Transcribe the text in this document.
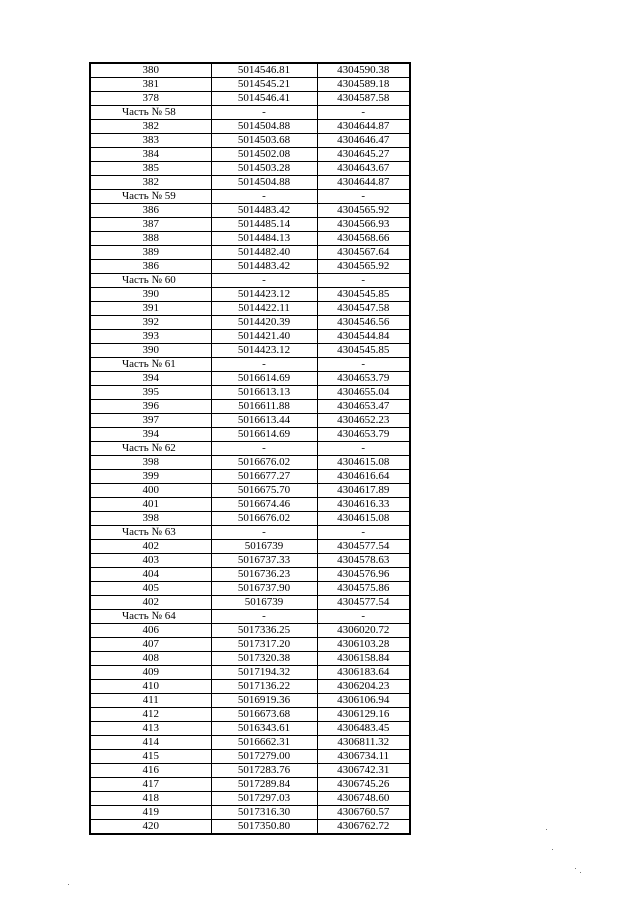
380	5014546.81	4304590.38
381	5014545.21	4304589.18
378	5014546.41	4304587.58
Часть № 58	-	-
382	5014504.88	4304644.87
383	5014503.68	4304646.47
384	5014502.08	4304645.27
385	5014503.28	4304643.67
382	5014504.88	4304644.87
Часть № 59	-	-
386	5014483.42	4304565.92
387	5014485.14	4304566.93
388	5014484.13	4304568.66
389	5014482.40	4304567.64
386	5014483.42	4304565.92
Часть № 60	-	-
390	5014423.12	4304545.85
391	5014422.11	4304547.58
392	5014420.39	4304546.56
393	5014421.40	4304544.84
390	5014423.12	4304545.85
Часть № 61	-	-
394	5016614.69	4304653.79
395	5016613.13	4304655.04
396	5016611.88	4304653.47
397	5016613.44	4304652.23
394	5016614.69	4304653.79
Часть № 62	-	-
398	5016676.02	4304615.08
399	5016677.27	4304616.64
400	5016675.70	4304617.89
401	5016674.46	4304616.33
398	5016676.02	4304615.08
Часть № 63	-	-
402	5016739	4304577.54
403	5016737.33	4304578.63
404	5016736.23	4304576.96
405	5016737.90	4304575.86
402	5016739	4304577.54
Часть № 64	-	-
406	5017336.25	4306020.72
407	5017317.20	4306103.28
408	5017320.38	4306158.84
409	5017194.32	4306183.64
410	5017136.22	4306204.23
411	5016919.36	4306106.94
412	5016673.68	4306129.16
413	5016343.61	4306483.45
414	5016662.31	4306811.32
415	5017279.00	4306734.11
416	5017283.76	4306742.31
417	5017289.84	4306745.26
418	5017297.03	4306748.60
419	5017316.30	4306760.57
420	5017350.80	4306762.72
